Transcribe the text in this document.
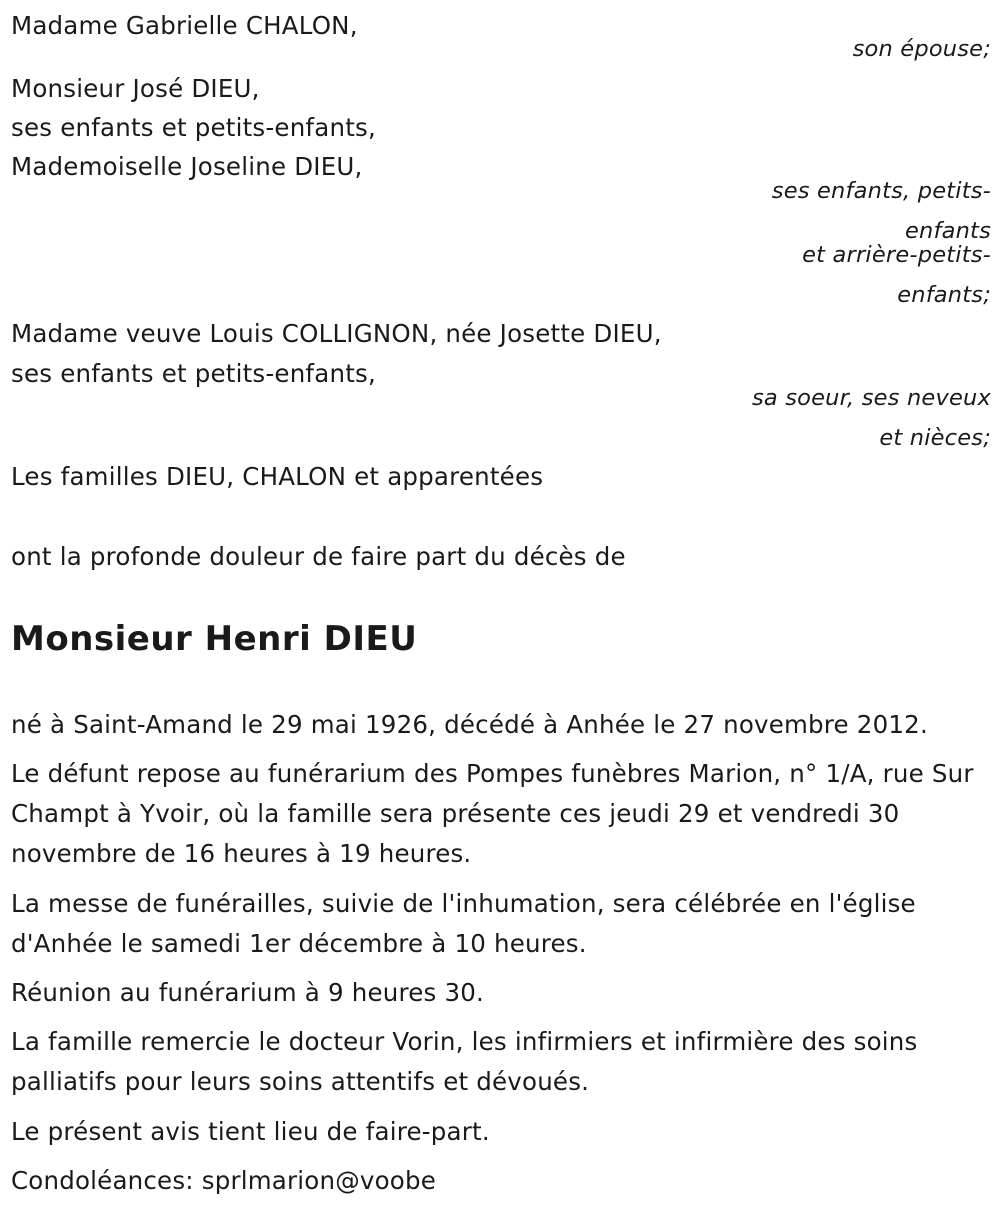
Madame Gabrielle CHALON,
son épouse;
Monsieur José DIEU,
ses enfants et petits-enfants,
Mademoiselle Joseline DIEU,
ses enfants, petits-
enfants
et arrière-petits-
enfants;
Madame veuve Louis COLLIGNON, née Josette DIEU,
ses enfants et petits-enfants,
sa soeur, ses neveux
et nièces;
Les familles DIEU, CHALON et apparentées
ont la profonde douleur de faire part du décès de
Monsieur Henri DIEU

né à Saint-Amand le 29 mai 1926, décédé à Anhée le 27 novembre 2012.

Le défunt repose au funérarium des Pompes funèbres Marion, n° 1/A, rue Sur Champt à Yvoir, où la famille sera présente ces jeudi 29 et vendredi 30 novembre de 16 heures à 19 heures.

La messe de funérailles, suivie de l'inhumation, sera célébrée en l'église d'Anhée le samedi 1er décembre à 10 heures.

Réunion au funérarium à 9 heures 30.

La famille remercie le docteur Vorin, les infirmiers et infirmière des soins palliatifs pour leurs soins attentifs et dévoués.

Le présent avis tient lieu de faire-part.

Condoléances: sprlmarion@voobe
